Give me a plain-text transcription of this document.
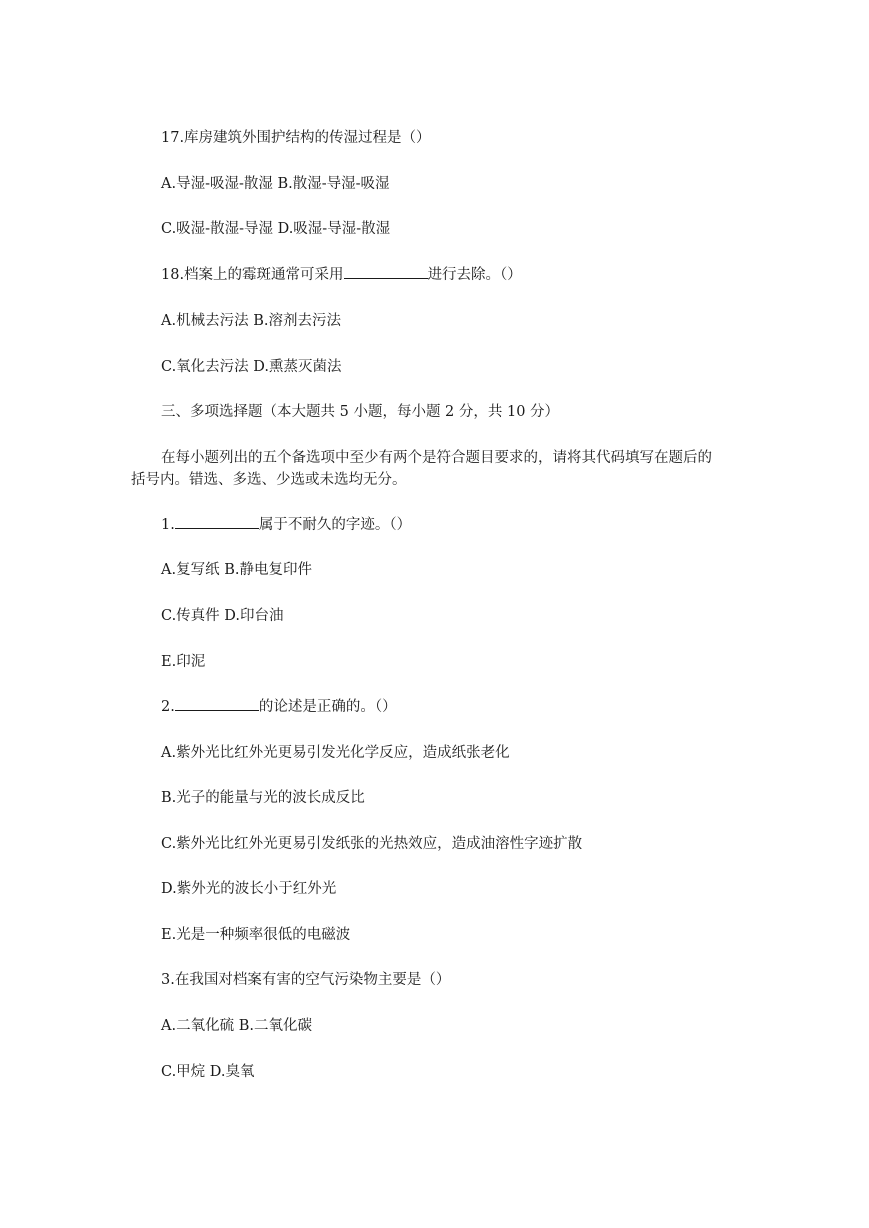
17.库房建筑外围护结构的传湿过程是（）
A.导湿-吸湿-散湿 B.散湿-导湿-吸湿
C.吸湿-散湿-导湿 D.吸湿-导湿-散湿
18.档案上的霉斑通常可采用	进行去除。（）
A.机械去污法 B.溶剂去污法
C.氧化去污法 D.熏蒸灭菌法
三、多项选择题（本大题共 5 小题，每小题 2 分，共 10 分）
在每小题列出的五个备选项中至少有两个是符合题目要求的，请将其代码填写在题后的
括号内。错选、多选、少选或未选均无分。
1.	属于不耐久的字迹。（）
A.复写纸 B.静电复印件
C.传真件 D.印台油
E.印泥
2.	的论述是正确的。（）
A.紫外光比红外光更易引发光化学反应，造成纸张老化
B.光子的能量与光的波长成反比
C.紫外光比红外光更易引发纸张的光热效应，造成油溶性字迹扩散
D.紫外光的波长小于红外光
E.光是一种频率很低的电磁波
3.在我国对档案有害的空气污染物主要是（）
A.二氧化硫 B.二氧化碳
C.甲烷 D.臭氧
